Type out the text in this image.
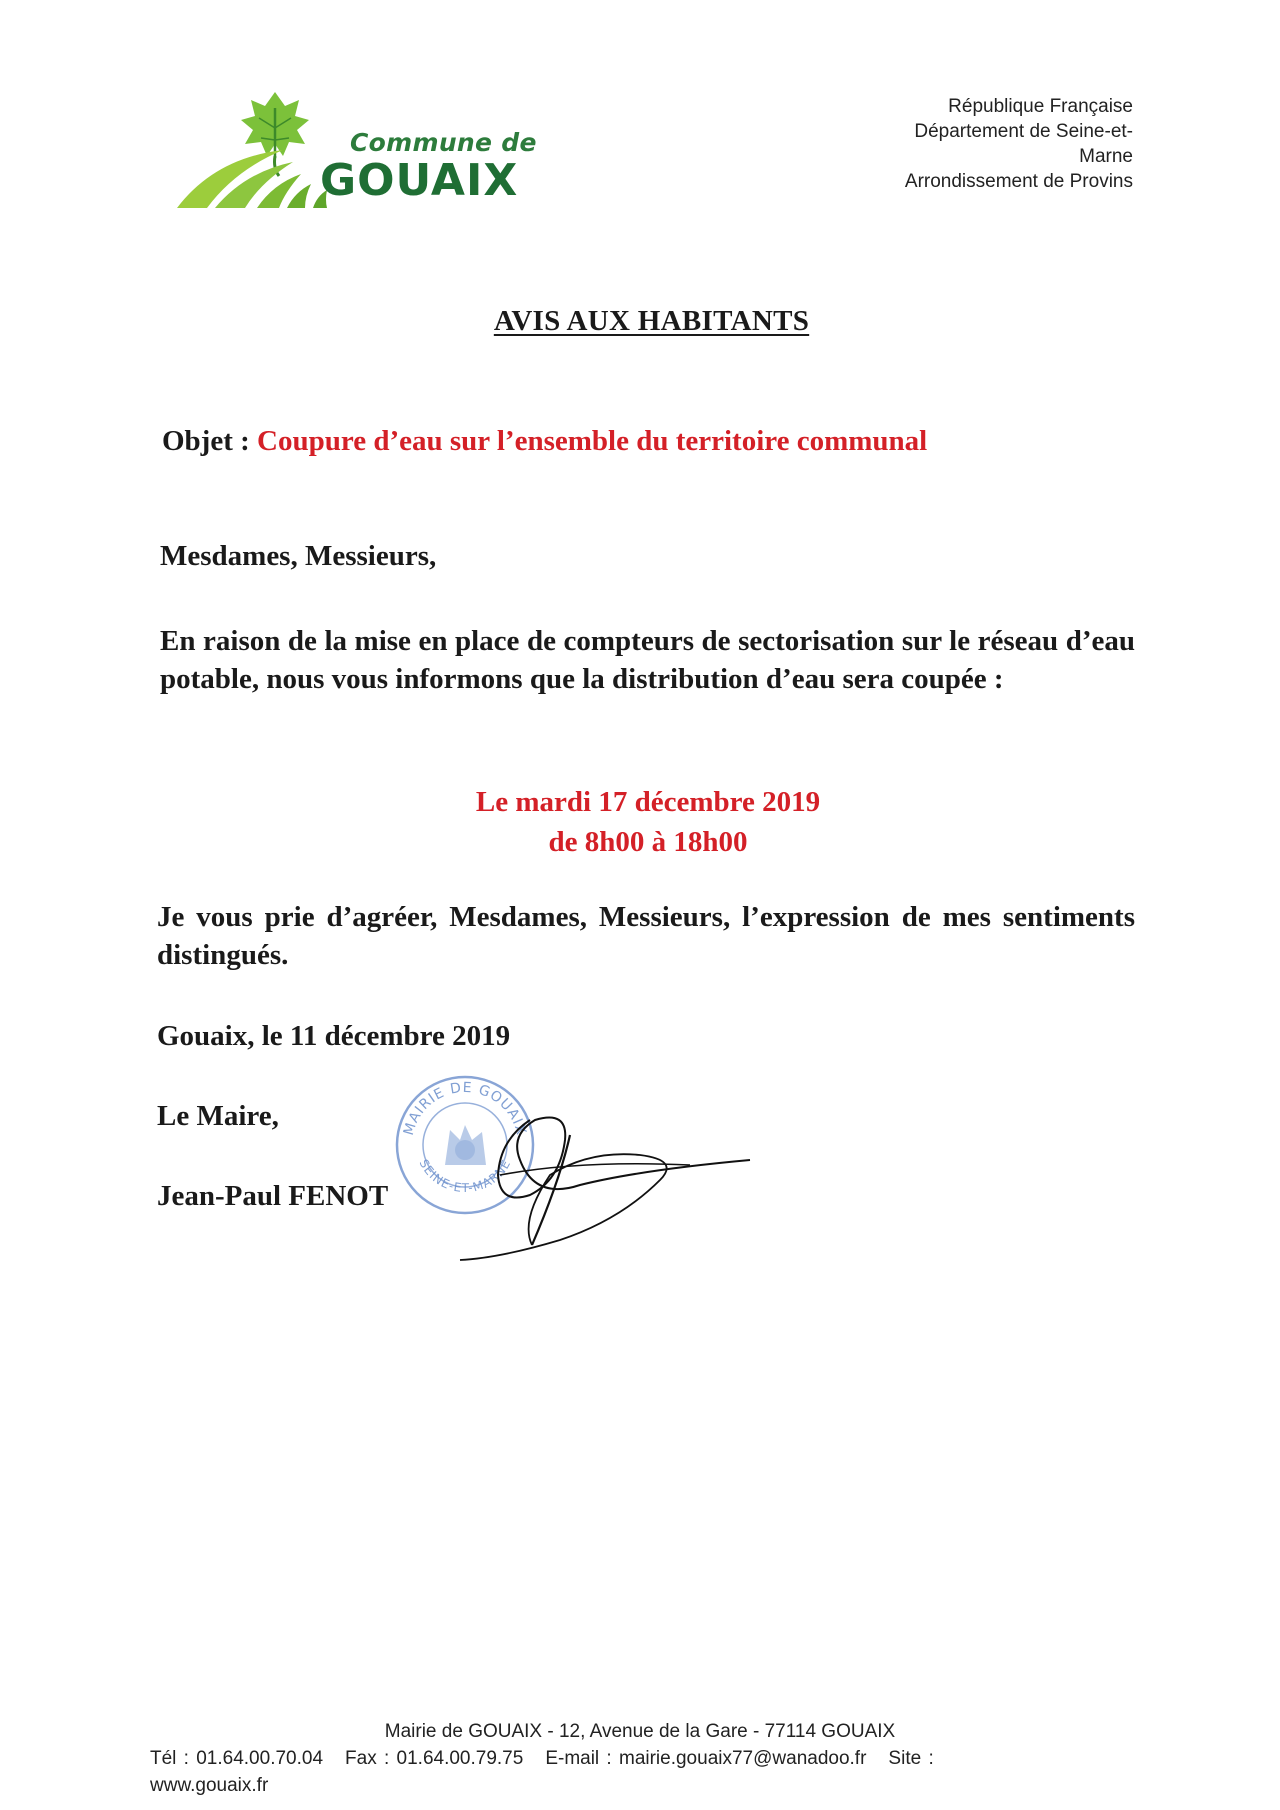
Commune de
GOUAIX
République Française
Département de Seine-et-
Marne
Arrondissement de Provins
AVIS AUX HABITANTS
Objet : Coupure d’eau sur l’ensemble du territoire communal
Mesdames, Messieurs,
En raison de la mise en place de compteurs de sectorisation sur le réseau d’eau potable, nous vous informons que la distribution d’eau sera coupée :
Le mardi 17 décembre 2019
de 8h00 à 18h00
Je vous prie d’agréer, Mesdames, Messieurs, l’expression de mes sentiments distingués.
Gouaix, le 11 décembre 2019
Le Maire,
Jean-Paul FENOT
MAIRIE DE GOUAIX
SEINE-ET-MARNE
Mairie de GOUAIX - 12, Avenue de la Gare - 77114 GOUAIX
Tél : 01.64.00.70.04 Fax : 01.64.00.79.75 E-mail : mairie.gouaix77@wanadoo.fr Site :
www.gouaix.fr
